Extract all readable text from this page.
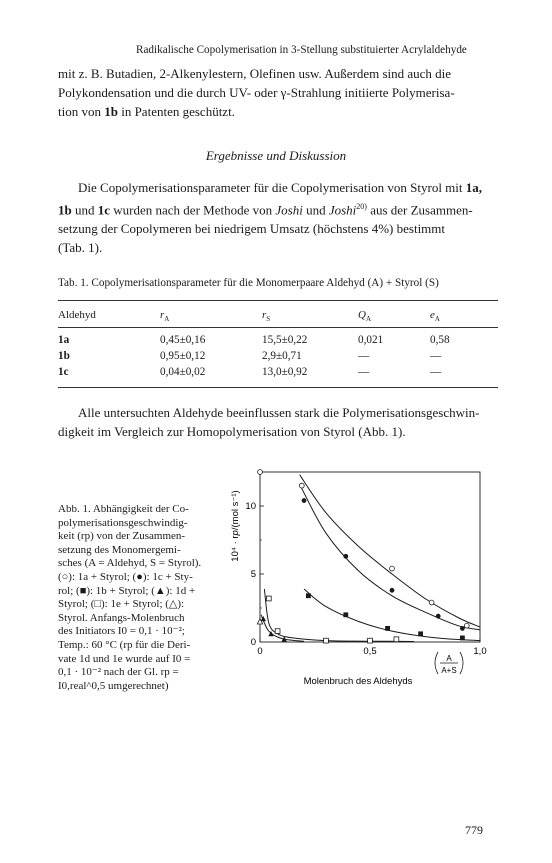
Radikalische Copolymerisation in 3-Stellung substituierter Acrylaldehyde
mit z. B. Butadien, 2-Alkenylestern, Olefinen usw. Außerdem sind auch die
Polykondensation und die durch UV- oder γ-Strahlung initiierte Polymerisa-
tion von 1b in Patenten geschützt.
Ergebnisse und Diskussion
Die Copolymerisationsparameter für die Copolymerisation von Styrol mit 1a,
1b und 1c wurden nach der Methode von Joshi und Joshi$^{20)}$ aus der Zusammen-
setzung der Copolymeren bei niedrigem Umsatz (höchstens 4%) bestimmt
(Tab. 1).
Tab. 1. Copolymerisationsparameter für die Monomerpaare Aldehyd (A) + Styrol (S)
Aldehyd	$r_A$	$r_S$	$Q_A$	$e_A$
1a	0,45±0,16	15,5±0,22	0,021	0,58
1b	0,95±0,12	2,9±0,71	—	—
1c	0,04±0,02	13,0±0,92	—	—
Alle untersuchten Aldehyde beeinflussen stark die Polymerisationsgeschwin-
digkeit im Vergleich zur Homopolymerisation von Styrol (Abb. 1).
Abb. 1. Abhängigkeit der Co-
polymerisationsgeschwindig-
keit (rp) von der Zusammen-
setzung des Monomergemi-
sches (A = Aldehyd, S = Styrol).
(○): 1a + Styrol; (●): 1c + Sty-
rol; (■): 1b + Styrol; (▲): 1d +
Styrol; (□): 1e + Styrol; (△):
Styrol. Anfangs-Molenbruch
des Initiators I0 = 0,1 · 10⁻²;
Temp.: 60 °C (rp für die Deri-
vate 1d und 1e wurde auf I0 =
0,1 · 10⁻² nach der Gl. rp =
I0,real^0,5 umgerechnet)
0	0,5	1,0
5
10
0
Molenbruch des Aldehyds
A
A+S
10⁴ · rp/(mol s⁻¹)
779
